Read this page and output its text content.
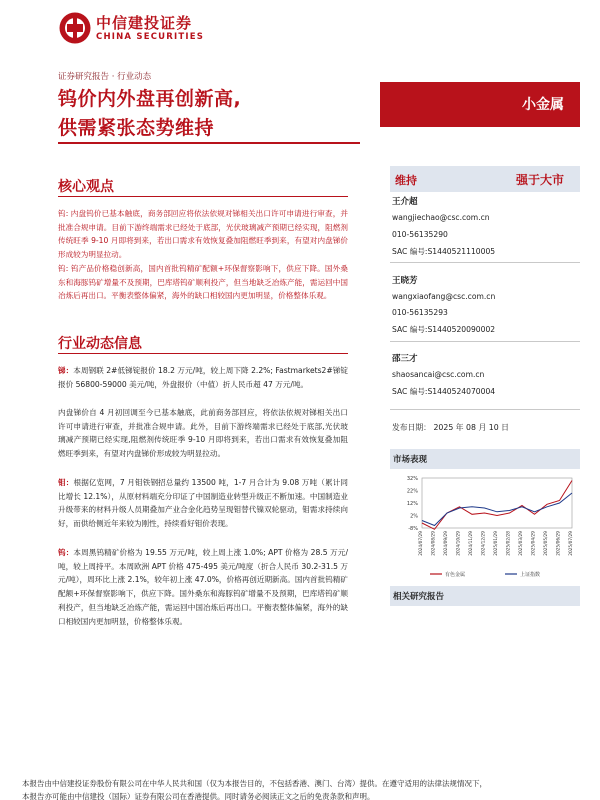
中信建投证券
CHINA SECURITIES
证券研究报告 · 行业动态
钨价内外盘再创新高,
供需紧张态势维持
小金属
核心观点
钨: 内盘钨价已基本触底，商务部回应将依法依规对锑相关出口许可申请进行审查，并批准合规申请。目前下游终端需求已经处于底部，光伏玻璃减产预期已经实现，阻燃剂传统旺季 9-10 月即将到来，若出口需求有效恢复叠加阻燃旺季到来，有望对内盘锑价形成较为明显拉动。
钨: 钨产品价格稳创新高，国内首批钨精矿配额+环保督察影响下，供应下降。国外桑东和海豚钨矿增量不及预期，巴库塔钨矿顺利投产，但当地缺乏冶炼产能，需运回中国冶炼后再出口。平衡表整体偏紧，海外的缺口相较国内更加明显，价格整体乐观。
行业动态信息
锑：本周钢联 2#低锑锭报价 18.2 万元/吨，较上周下降 2.2%; Fastmarkets2#锑锭报价 56800-59000 美元/吨，外盘报价（中值）折人民币超 47 万元/吨。
内盘锑价自 4 月初回调至今已基本触底，此前商务部回应，将依法依规对锑相关出口许可申请进行审查，并批准合规申请。此外，目前下游终端需求已经处于底部,光伏玻璃减产预期已经实现,阻燃剂传统旺季 9-10 月即将到来，若出口需求有效恢复叠加阻燃旺季到来，有望对内盘锑价形成较为明显拉动。
钼：根据亿览网，7 月钼铁钢招总量约 13500 吨，1-7 月合计为 9.08 万吨（累计同比增长 12.1%），从原材料端充分印证了中国制造业转型升级正不断加速。中国制造业升级带来的材料升级人员期叠加产业合金化趋势呈现钼替代镍双轮驱动，钼需求持续向好，而供给侧近年来较为刚性，持续看好钼价表现。
钨：本周黑钨精矿价格为 19.55 万元/吨，较上周上涨 1.0%; APT 价格为 28.5 万元/吨，较上周持平。本周欧洲 APT 价格 475-495 美元/吨度（折合人民币 30.2-31.5 万元/吨），周环比上涨 2.1%，较年初上涨 47.0%，价格再创近期新高。国内首批钨精矿配额+环保督察影响下，供应下降。国外桑东和海豚钨矿增量不及预期，巴库塔钨矿顺利投产，但当地缺乏冶炼产能，需运回中国冶炼后再出口。平衡表整体偏紧，海外的缺口相较国内更加明显，价格整体乐观。
维持	强于大市
王介超
wangjiechao@csc.com.cn
010-56135290
SAC 编号:S1440521110005
王晓芳
wangxiaofang@csc.com.cn
010-56135293
SAC 编号:S1440520090002
邵三才
shaosancai@csc.com.cn
SAC 编号:S1440524070004
发布日期： 2025 年 08 月 10 日
市场表现
32%
22%
12%
2%
-8%
2024/07/29 2024/08/29 2024/09/29 2024/10/29 2024/11/29 2024/12/29 2025/01/29 2025/02/28 2025/03/29 2025/04/29 2025/05/29 2025/06/29 2025/07/29
有色金属	上证指数
相关研究报告
本报告由中信建投证券股份有限公司在中华人民共和国（仅为本报告目的，不包括香港、澳门、台湾）提供。在遵守适用的法律法规情况下，
本报告亦可能由中信建投（国际）证券有限公司在香港提供。同时请务必阅读正文之后的免责条款和声明。
